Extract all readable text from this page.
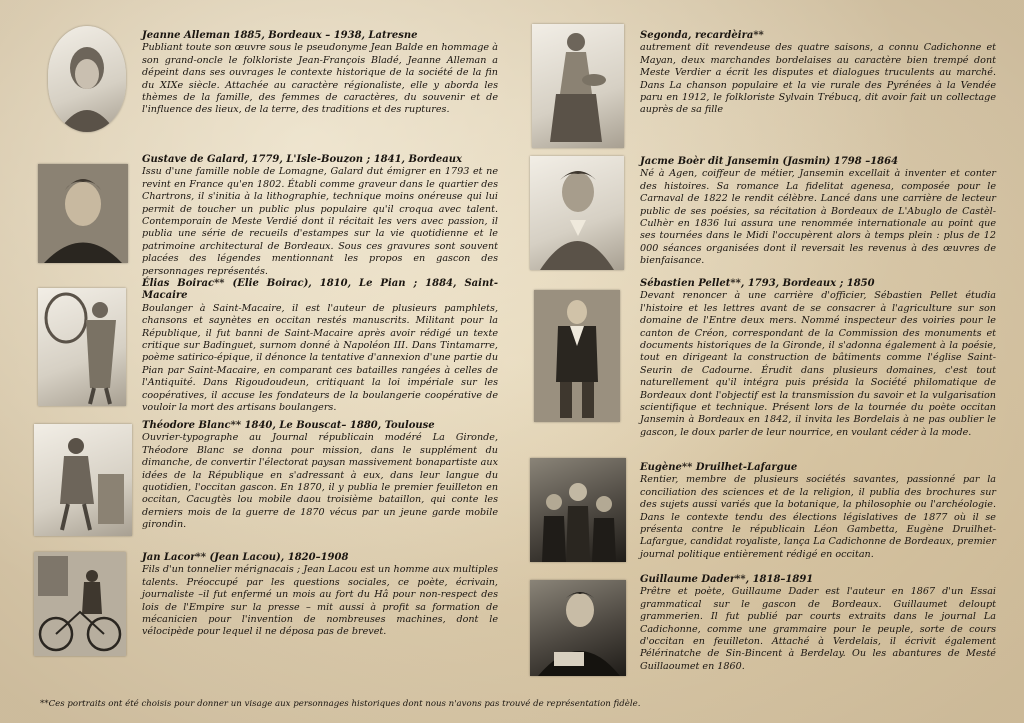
Jeanne Alleman 1885, Bordeaux – 1938, Latresne
Publiant toute son œuvre sous le pseudonyme Jean Balde en hommage à son grand-oncle le folkloriste Jean-François Bladé, Jeanne Alleman a dépeint dans ses ouvrages le contexte historique de la société de la fin du XIXe siècle. Attachée au caractère régionaliste, elle y aborda les thèmes de la famille, des femmes de caractères, du souvenir et de l'influence des lieux, de la terre, des traditions et des ruptures.
Gustave de Galard, 1779, L'Isle-Bouzon ; 1841, Bordeaux
Issu d'une famille noble de Lomagne, Galard dut émigrer en 1793 et ne revint en France qu'en 1802. Établi comme graveur dans le quartier des Chartrons, il s'initia à la lithographie, technique moins onéreuse qui lui permit de toucher un public plus populaire qu'il croqua avec talent. Contemporain de Meste Verdié dont il récitait les vers avec passion, il publia une série de recueils d'estampes sur la vie quotidienne et le patrimoine architectural de Bordeaux. Sous ces gravures sont souvent placées des légendes mentionnant les propos en gascon des personnages représentés.
Élias Boirac** (Elie Boirac), 1810, Le Pian ; 1884, Saint-Macaire
Boulanger à Saint-Macaire, il est l'auteur de plusieurs pamphlets, chansons et saynètes en occitan restés manuscrits. Militant pour la République, il fut banni de Saint-Macaire après avoir rédigé un texte critique sur Badinguet, surnom donné à Napoléon III. Dans Tintamarre, poème satirico-épique, il dénonce la tentative d'annexion d'une partie du Pian par Saint-Macaire, en comparant ces batailles rangées à celles de l'Antiquité. Dans Rigoudoudeun, critiquant la loi impériale sur les coopératives, il accuse les fondateurs de la boulangerie coopérative de vouloir la mort des artisans boulangers.
Théodore Blanc** 1840, Le Bouscat– 1880, Toulouse
Ouvrier-typographe au Journal républicain modéré La Gironde, Théodore Blanc se donna pour mission, dans le supplément du dimanche, de convertir l'électorat paysan massivement bonapartiste aux idées de la République en s'adressant à eux, dans leur langue du quotidien, l'occitan gascon. En 1870, il y publia le premier feuilleton en occitan, Cacugtès lou mobile daou troisième bataillon, qui conte les derniers mois de la guerre de 1870 vécus par un jeune garde mobile girondin.
Jan Lacor** (Jean Lacou), 1820–1908
Fils d'un tonnelier mérignacais ; Jean Lacou est un homme aux multiples talents. Préoccupé par les questions sociales, ce poète, écrivain, journaliste –il fut enfermé un mois au fort du Hâ pour non-respect des lois de l'Empire sur la presse – mit aussi à profit sa formation de mécanicien pour l'invention de nombreuses machines, dont le vélocipède pour lequel il ne déposa pas de brevet.
Segonda, recardèira**
autrement dit revendeuse des quatre saisons, a connu Cadichonne et Mayan, deux marchandes bordelaises au caractère bien trempé dont Meste Verdier a écrit les disputes et dialogues truculents au marché. Dans La chanson populaire et la vie rurale des Pyrénées à la Vendée paru en 1912, le folkloriste Sylvain Trébucq, dit avoir fait un collectage auprès de sa fille
Jacme Boèr dit Jansemin (Jasmin) 1798 –1864
Né à Agen, coiffeur de métier, Jansemin excellait à inventer et conter des histoires. Sa romance La fidelitat agenesa, composée pour le Carnaval de 1822 le rendit célèbre. Lancé dans une carrière de lecteur public de ses poésies, sa récitation à Bordeaux de L'Abuglo de Castèl-Culhèr en 1836 lui assura une renommée internationale au point que ses tournées dans le Midi l'occupèrent alors à temps plein : plus de 12 000 séances organisées dont il reversait les revenus à des œuvres de bienfaisance.
Sébastien Pellet**, 1793, Bordeaux ; 1850
Devant renoncer à une carrière d'officier, Sébastien Pellet étudia l'histoire et les lettres avant de se consacrer à l'agriculture sur son domaine de l'Entre deux mers. Nommé inspecteur des voiries pour le canton de Créon, correspondant de la Commission des monuments et documents historiques de la Gironde, il s'adonna également à la poésie, tout en dirigeant la construction de bâtiments comme l'église Saint-Seurin de Cadourne. Érudit dans plusieurs domaines, c'est tout naturellement qu'il intégra puis présida la Société philomatique de Bordeaux dont l'objectif est la transmission du savoir et la vulgarisation scientifique et technique. Présent lors de la tournée du poète occitan Jansemin à Bordeaux en 1842, il invita les Bordelais à ne pas oublier le gascon, le doux parler de leur nourrice, en voulant céder à la mode.
Eugène** Druilhet-Lafargue
Rentier, membre de plusieurs sociétés savantes, passionné par la conciliation des sciences et de la religion, il publia des brochures sur des sujets aussi variés que la botanique, la philosophie ou l'archéologie. Dans le contexte tendu des élections législatives de 1877 où il se présenta contre le républicain Léon Gambetta, Eugène Druilhet-Lafargue, candidat royaliste, lança La Cadichonne de Bordeaux, premier journal politique entièrement rédigé en occitan.
Guillaume Dader**, 1818–1891
Prêtre et poète, Guillaume Dader est l'auteur en 1867 d'un Essai grammatical sur le gascon de Bordeaux. Guillaumet deloupt grammerien. Il fut publié par courts extraits dans le journal La Cadichonne, comme une grammaire pour le peuple, sorte de cours d'occitan en feuilleton. Attaché à Verdelais, il écrivit également Pélérinatche de Sin-Bincent à Berdelay. Ou les abantures de Mesté Guillaoumet en 1860.
**Ces portraits ont été choisis pour donner un visage aux personnages historiques dont nous n'avons pas trouvé de représentation fidèle.
